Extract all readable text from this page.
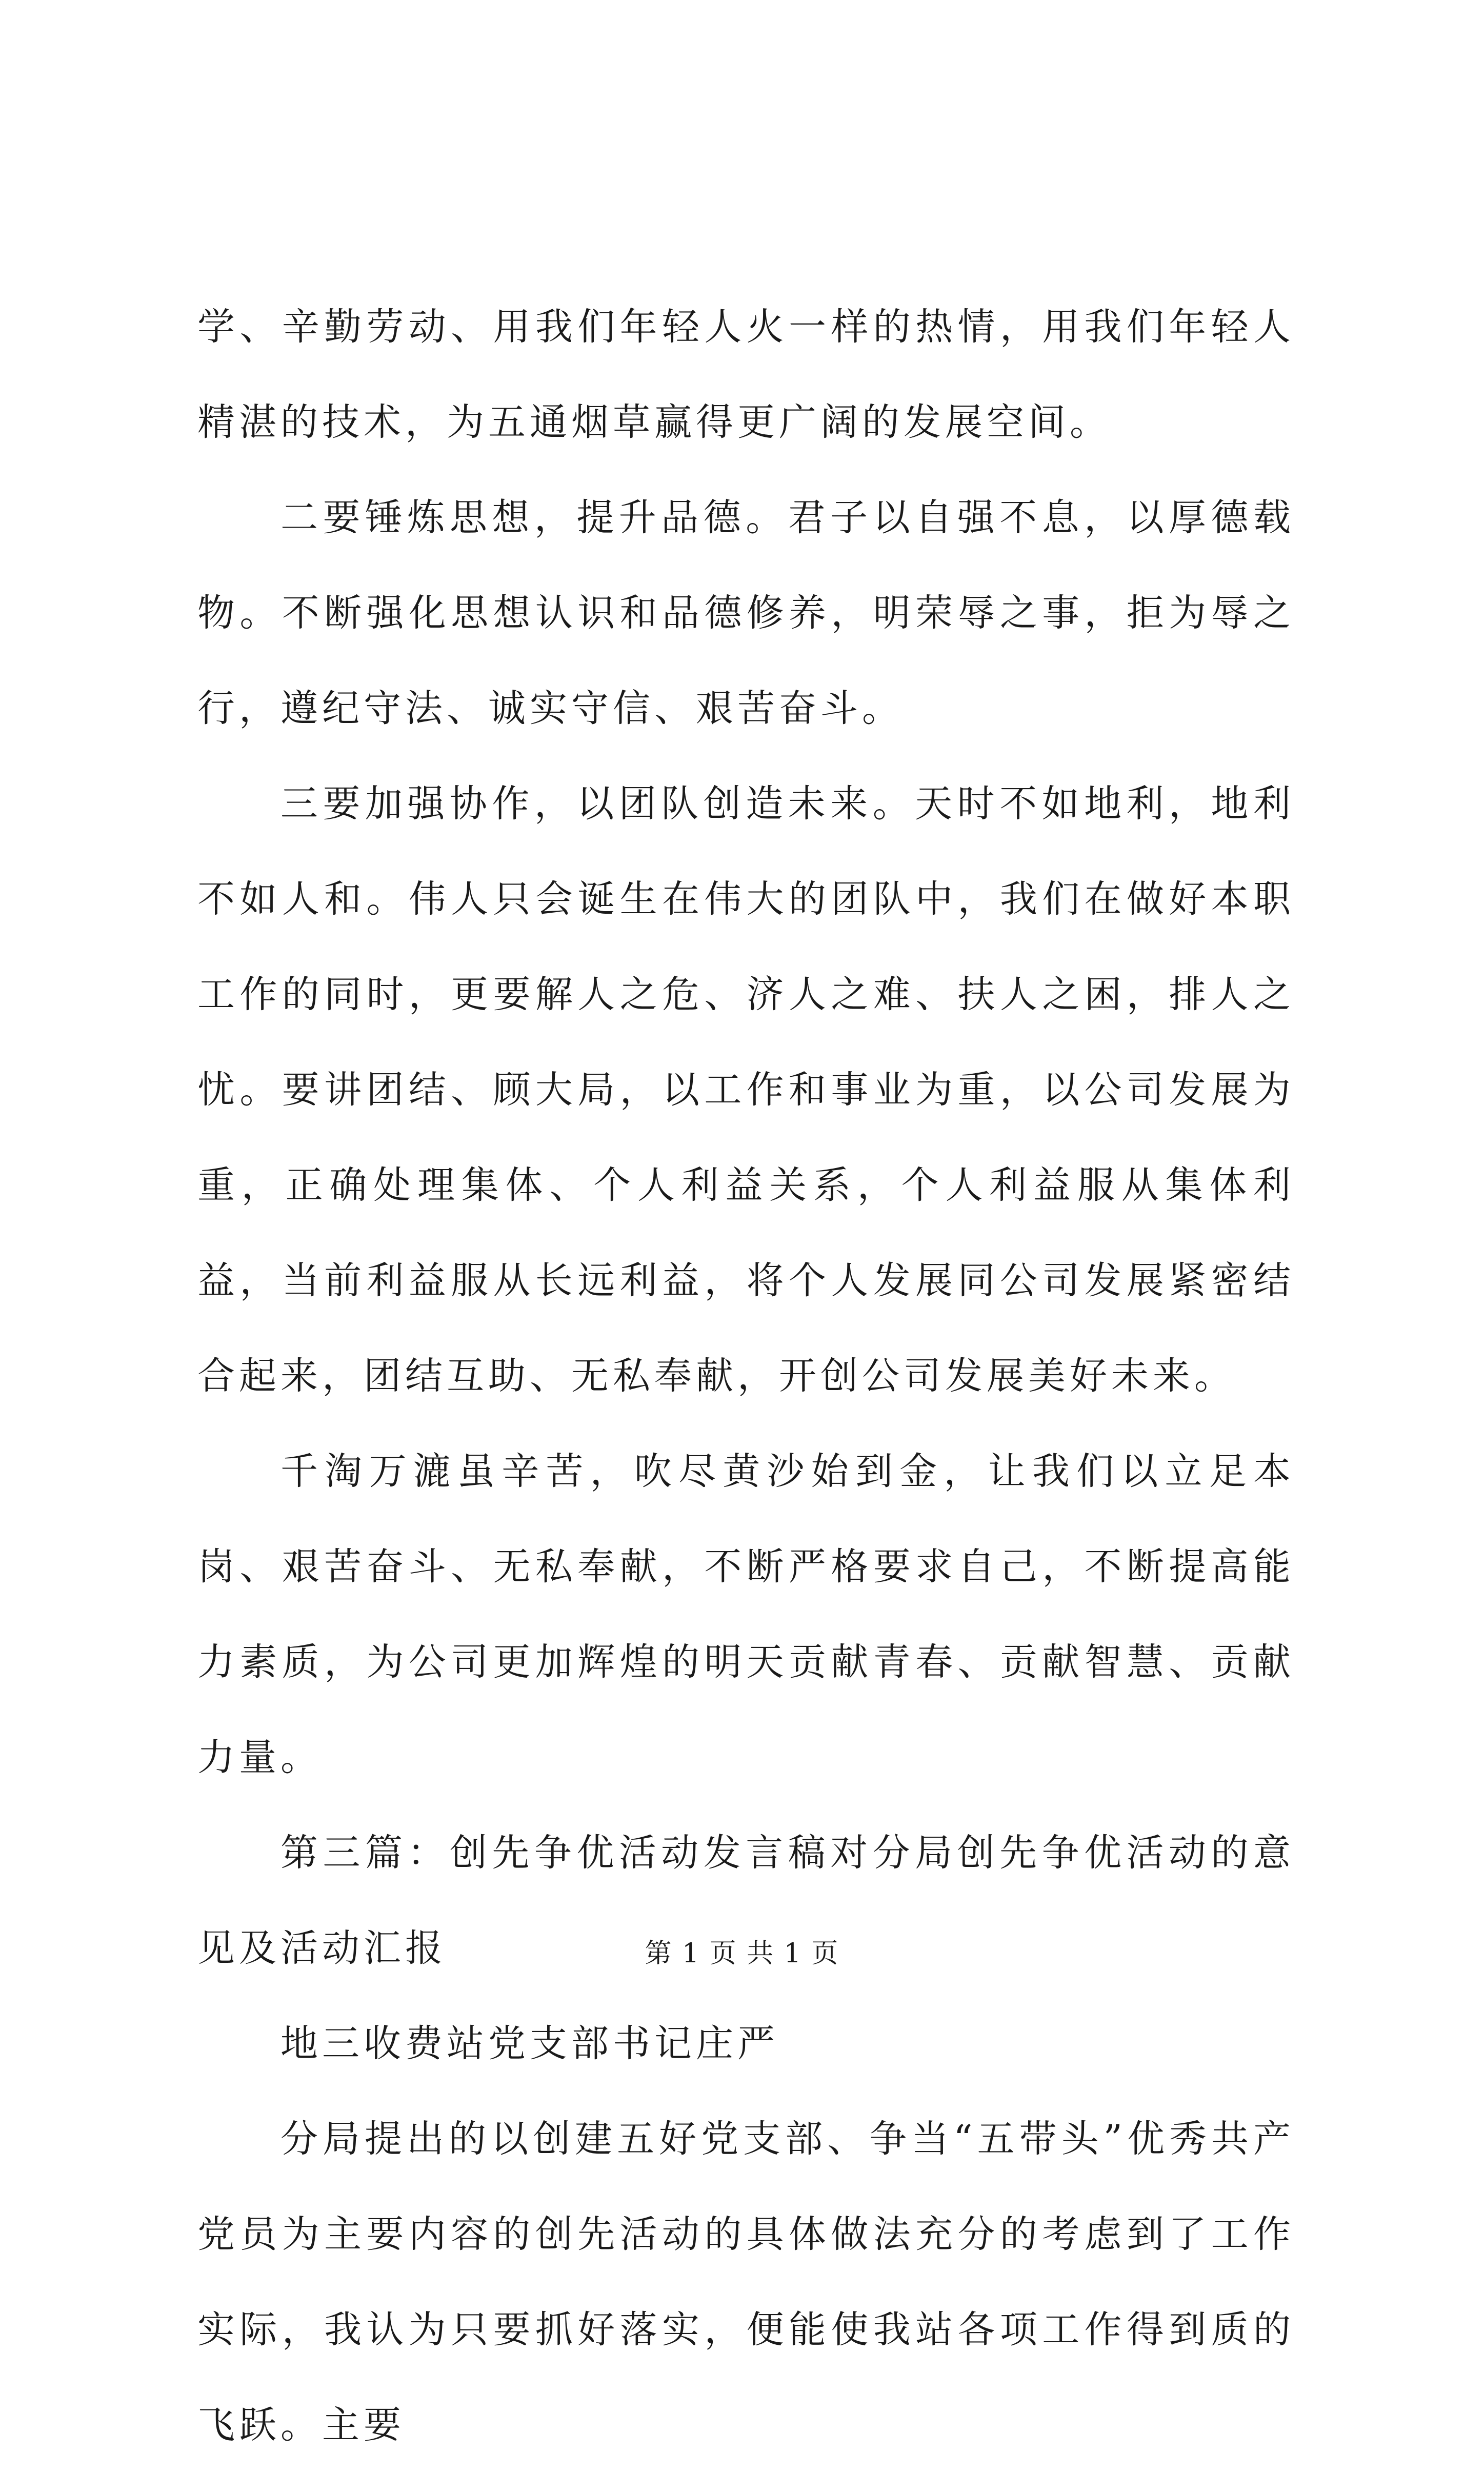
学、辛勤劳动、用我们年轻人火一样的热情，用我们年轻人精湛的技术，为五通烟草赢得更广阔的发展空间。

二要锤炼思想，提升品德。君子以自强不息，以厚德载物。不断强化思想认识和品德修养，明荣辱之事，拒为辱之行，遵纪守法、诚实守信、艰苦奋斗。

三要加强协作，以团队创造未来。天时不如地利，地利不如人和。伟人只会诞生在伟大的团队中，我们在做好本职工作的同时，更要解人之危、济人之难、扶人之困，排人之忧。要讲团结、顾大局，以工作和事业为重，以公司发展为重，正确处理集体、个人利益关系，个人利益服从集体利益，当前利益服从长远利益，将个人发展同公司发展紧密结合起来，团结互助、无私奉献，开创公司发展美好未来。

千淘万漉虽辛苦，吹尽黄沙始到金，让我们以立足本岗、艰苦奋斗、无私奉献，不断严格要求自己，不断提高能力素质，为公司更加辉煌的明天贡献青春、贡献智慧、贡献力量。

第三篇：创先争优活动发言稿对分局创先争优活动的意见及活动汇报

地三收费站党支部书记庄严

分局提出的以创建五好党支部、争当“五带头”优秀共产党员为主要内容的创先活动的具体做法充分的考虑到了工作实际，我认为只要抓好落实，便能使我站各项工作得到质的飞跃。主要

第 1 页 共 1 页
